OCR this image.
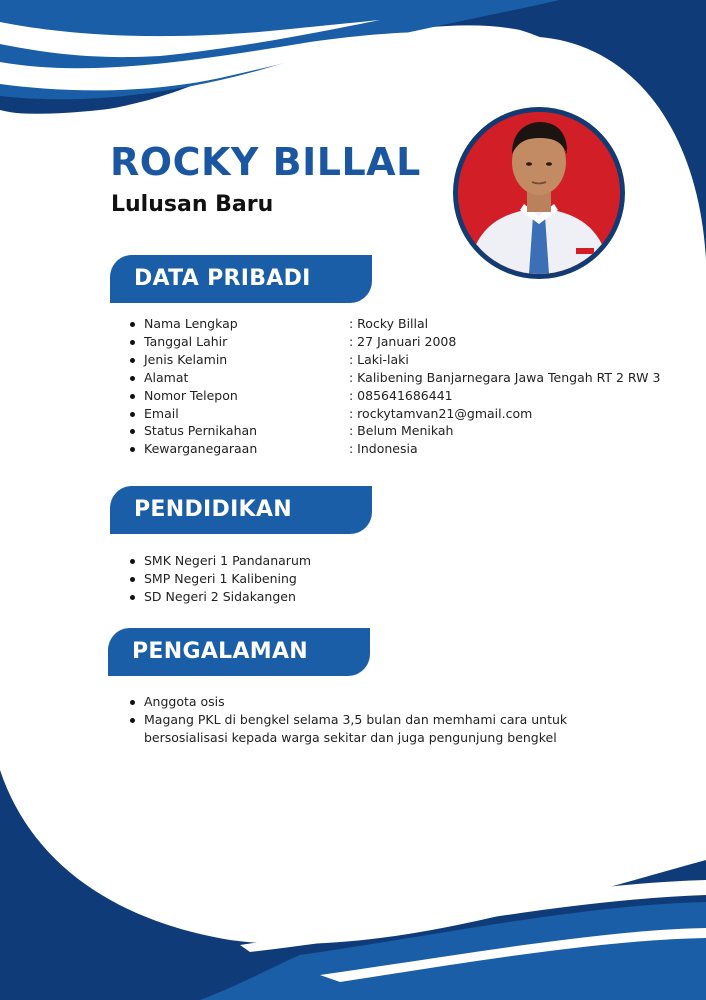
ROCKY BILLAL
Lulusan Baru
DATA PRIBADI
Nama Lengkap	: Rocky Billal
Tanggal Lahir	: 27 Januari 2008
Jenis Kelamin	: Laki-laki
Alamat	: Kalibening Banjarnegara Jawa Tengah RT 2 RW 3
Nomor Telepon	: 085641686441
Email	: rockytamvan21@gmail.com
Status Pernikahan	: Belum Menikah
Kewarganegaraan	: Indonesia
PENDIDIKAN
SMK Negeri 1 Pandanarum
SMP Negeri 1 Kalibening
SD Negeri 2 Sidakangen
PENGALAMAN
Anggota osis
Magang PKL di bengkel selama 3,5 bulan dan memhami cara untuk bersosialisasi kepada warga sekitar dan juga pengunjung bengkel
